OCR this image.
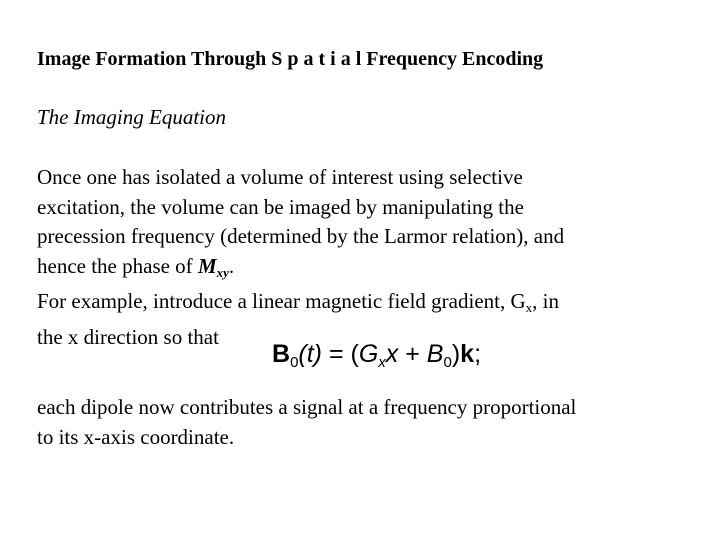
Image Formation Through S p a t i a l Frequency Encoding
The Imaging Equation
Once one has isolated a volume of interest using selective
excitation, the volume can be imaged by manipulating the
precession frequency (determined by the Larmor relation), and
hence the phase of Mxy.
For example, introduce a linear magnetic field gradient, $G_x$, in
the x direction so that
$B_0(t) = (G_xx + B_0)k$;
each dipole now contributes a signal at a frequency proportional
to its x-axis coordinate.
